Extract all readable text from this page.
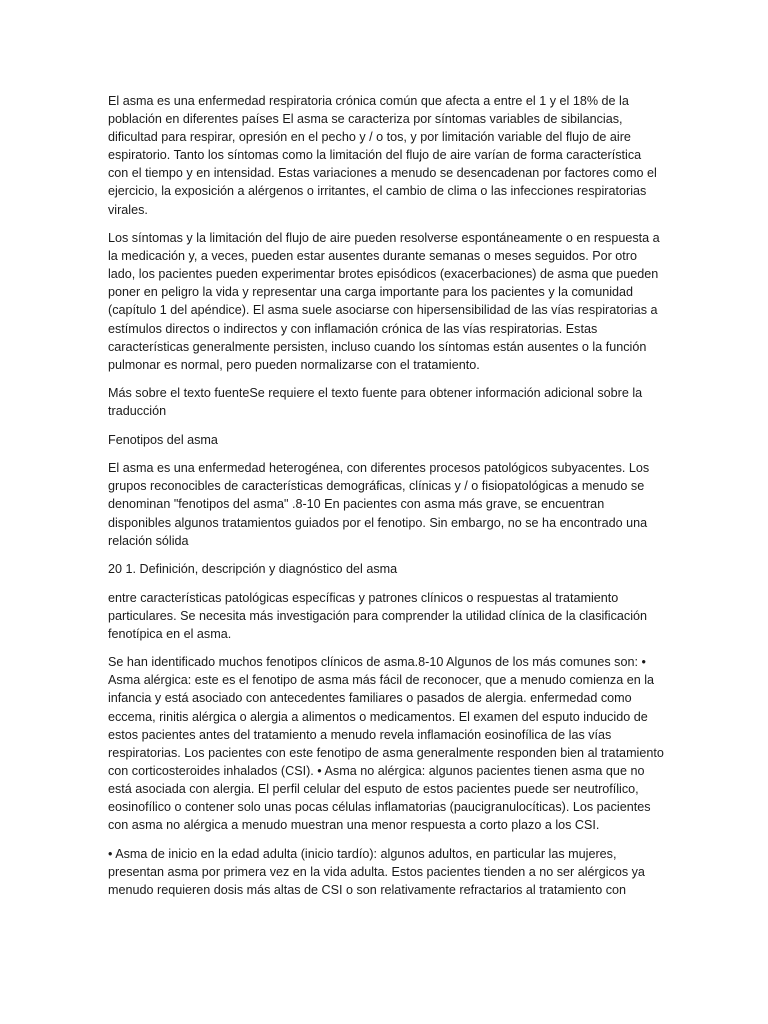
El asma es una enfermedad respiratoria crónica común que afecta a entre el 1 y el 18% de la población en diferentes países El asma se caracteriza por síntomas variables de sibilancias, dificultad para respirar, opresión en el pecho y / o tos, y por limitación variable del flujo de aire espiratorio. Tanto los síntomas como la limitación del flujo de aire varían de forma característica con el tiempo y en intensidad. Estas variaciones a menudo se desencadenan por factores como el ejercicio, la exposición a alérgenos o irritantes, el cambio de clima o las infecciones respiratorias virales.

Los síntomas y la limitación del flujo de aire pueden resolverse espontáneamente o en respuesta a la medicación y, a veces, pueden estar ausentes durante semanas o meses seguidos. Por otro lado, los pacientes pueden experimentar brotes episódicos (exacerbaciones) de asma que pueden poner en peligro la vida y representar una carga importante para los pacientes y la comunidad (capítulo 1 del apéndice). El asma suele asociarse con hipersensibilidad de las vías respiratorias a estímulos directos o indirectos y con inflamación crónica de las vías respiratorias. Estas características generalmente persisten, incluso cuando los síntomas están ausentes o la función pulmonar es normal, pero pueden normalizarse con el tratamiento.

Más sobre el texto fuenteSe requiere el texto fuente para obtener información adicional sobre la traducción

Fenotipos del asma

El asma es una enfermedad heterogénea, con diferentes procesos patológicos subyacentes. Los grupos reconocibles de características demográficas, clínicas y / o fisiopatológicas a menudo se denominan "fenotipos del asma" .8-10 En pacientes con asma más grave, se encuentran disponibles algunos tratamientos guiados por el fenotipo. Sin embargo, no se ha encontrado una relación sólida

20 1. Definición, descripción y diagnóstico del asma

entre características patológicas específicas y patrones clínicos o respuestas al tratamiento particulares. Se necesita más investigación para comprender la utilidad clínica de la clasificación fenotípica en el asma.

Se han identificado muchos fenotipos clínicos de asma.8-10 Algunos de los más comunes son: • Asma alérgica: este es el fenotipo de asma más fácil de reconocer, que a menudo comienza en la infancia y está asociado con antecedentes familiares o pasados de alergia. enfermedad como eccema, rinitis alérgica o alergia a alimentos o medicamentos. El examen del esputo inducido de estos pacientes antes del tratamiento a menudo revela inflamación eosinofílica de las vías respiratorias. Los pacientes con este fenotipo de asma generalmente responden bien al tratamiento con corticosteroides inhalados (CSI). • Asma no alérgica: algunos pacientes tienen asma que no está asociada con alergia. El perfil celular del esputo de estos pacientes puede ser neutrofílico, eosinofílico o contener solo unas pocas células inflamatorias (paucigranulocíticas). Los pacientes con asma no alérgica a menudo muestran una menor respuesta a corto plazo a los CSI.

• Asma de inicio en la edad adulta (inicio tardío): algunos adultos, en particular las mujeres, presentan asma por primera vez en la vida adulta. Estos pacientes tienden a no ser alérgicos ya menudo requieren dosis más altas de CSI o son relativamente refractarios al tratamiento con
